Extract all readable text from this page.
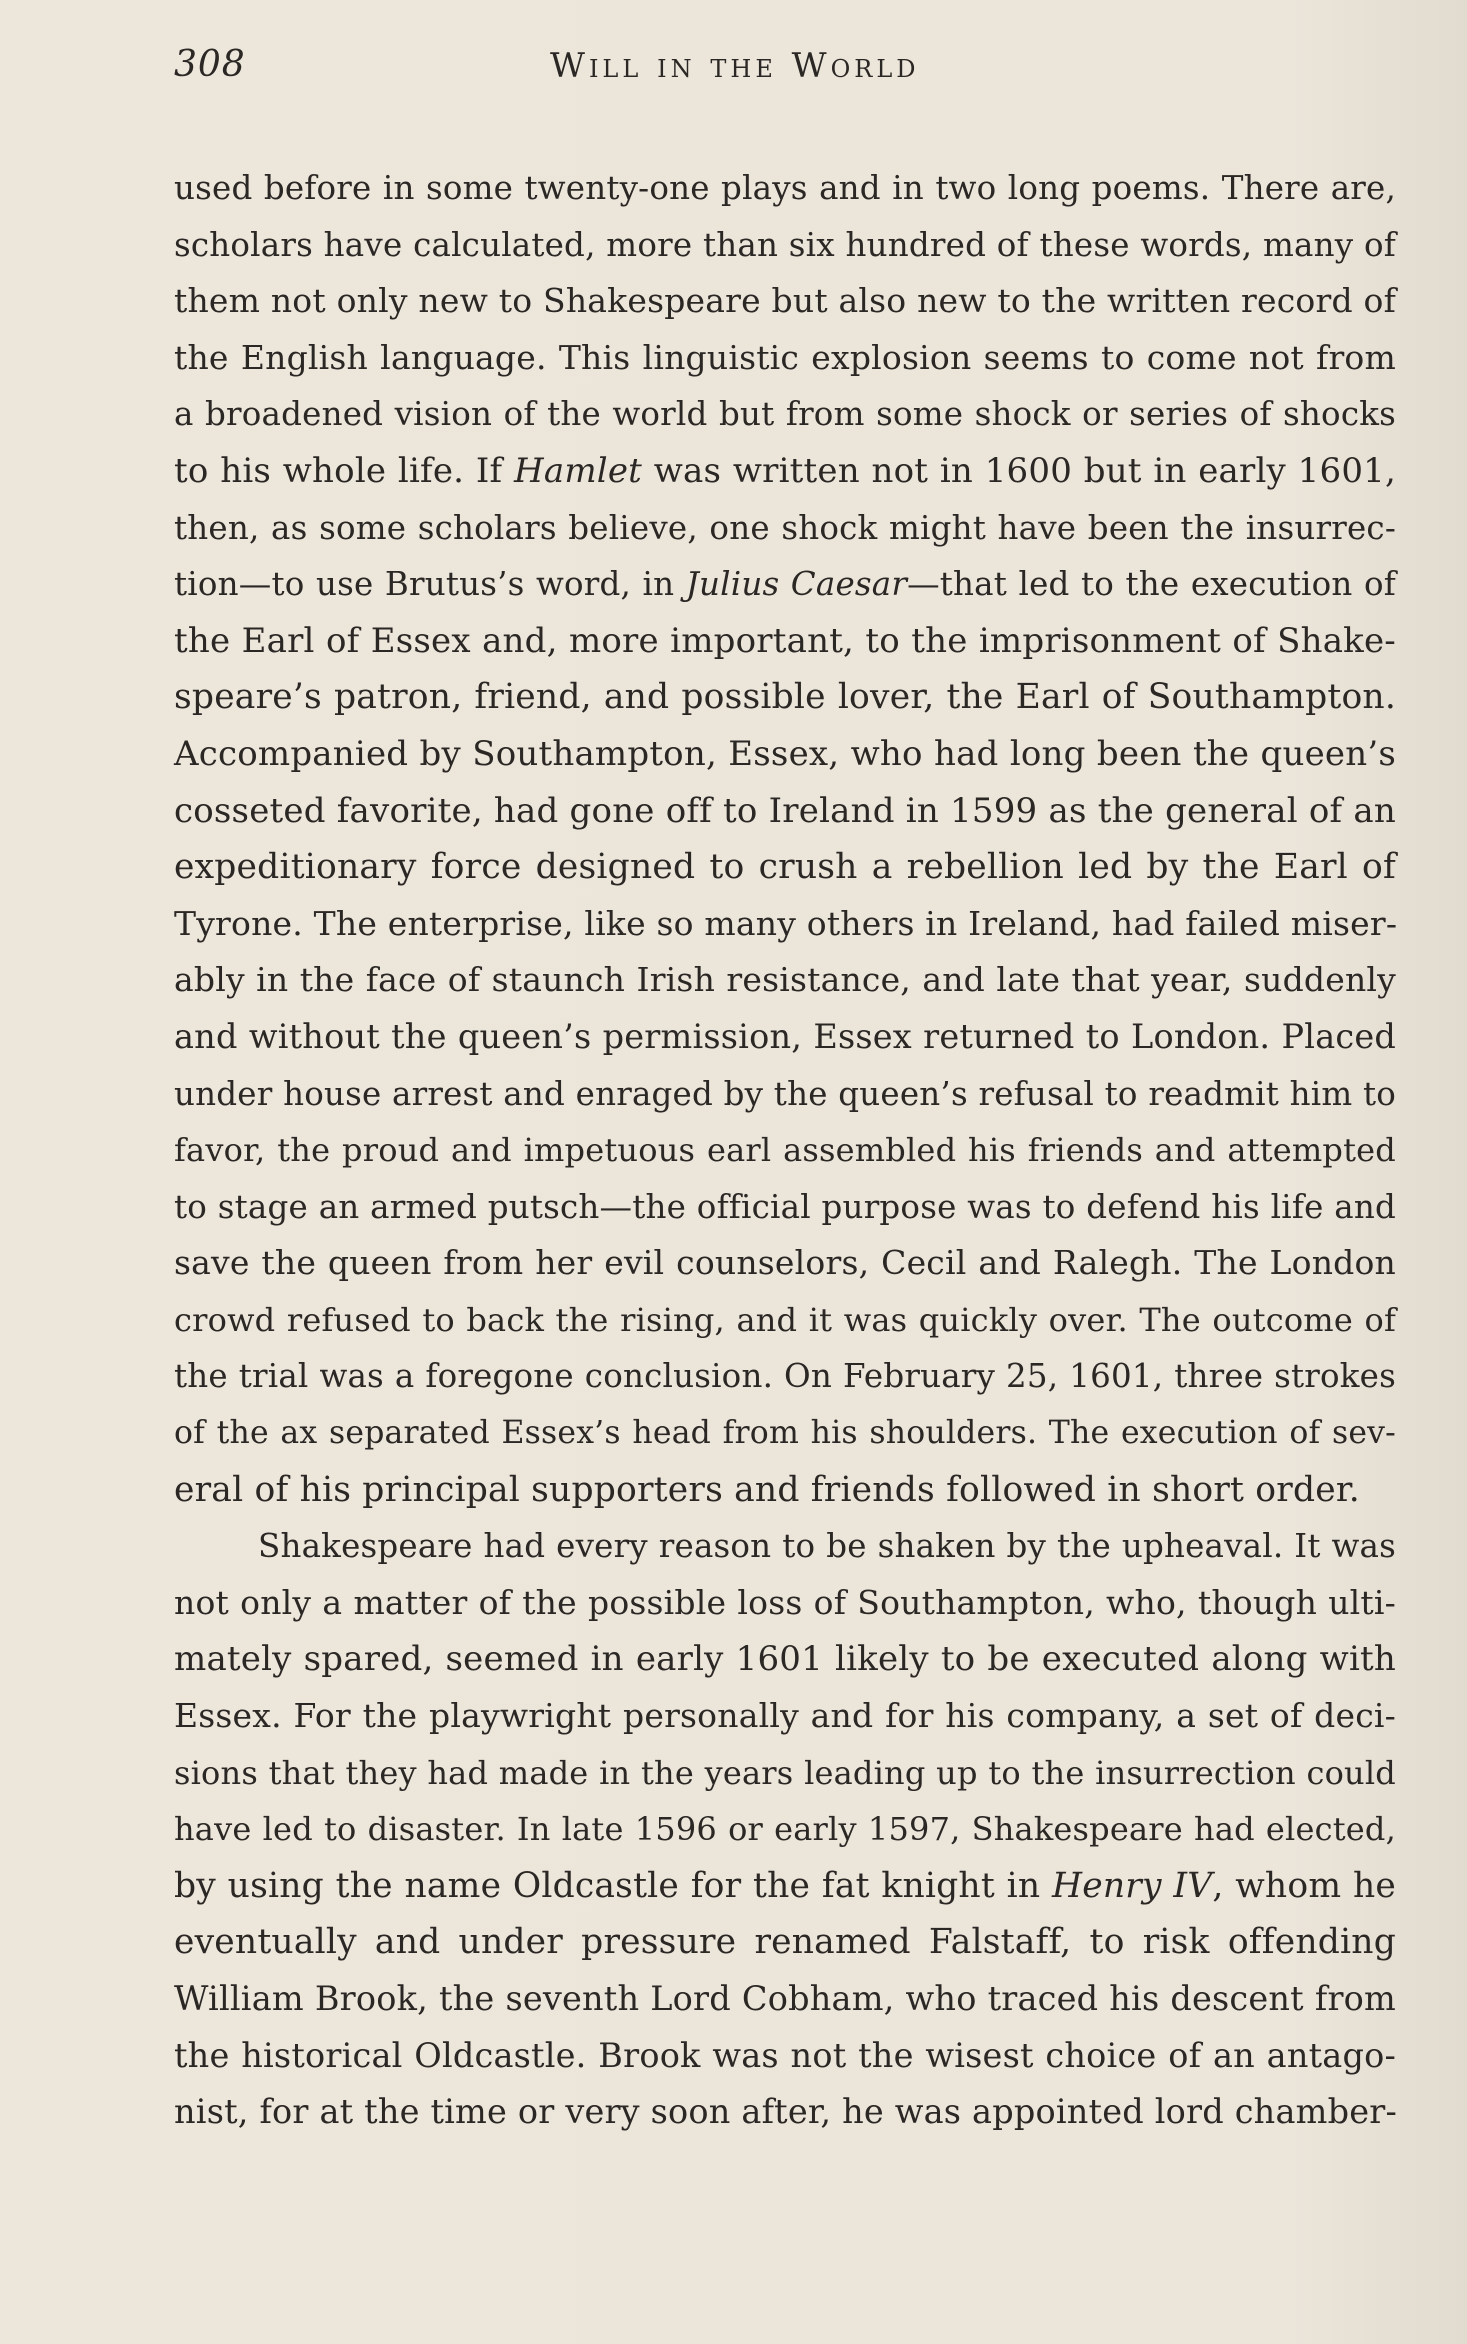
308	Will in the World
used before in some twenty-one plays and in two long poems. There are,
scholars have calculated, more than six hundred of these words, many of
them not only new to Shakespeare but also new to the written record of
the English language. This linguistic explosion seems to come not from
a broadened vision of the world but from some shock or series of shocks
to his whole life. If Hamlet was written not in 1600 but in early 1601,
then, as some scholars believe, one shock might have been the insurrec-
tion—to use Brutus’s word, in Julius Caesar—that led to the execution of
the Earl of Essex and, more important, to the imprisonment of Shake-
speare’s patron, friend, and possible lover, the Earl of Southampton.
Accompanied by Southampton, Essex, who had long been the queen’s
cosseted favorite, had gone off to Ireland in 1599 as the general of an
expeditionary force designed to crush a rebellion led by the Earl of
Tyrone. The enterprise, like so many others in Ireland, had failed miser-
ably in the face of staunch Irish resistance, and late that year, suddenly
and without the queen’s permission, Essex returned to London. Placed
under house arrest and enraged by the queen’s refusal to readmit him to
favor, the proud and impetuous earl assembled his friends and attempted
to stage an armed putsch—the official purpose was to defend his life and
save the queen from her evil counselors, Cecil and Ralegh. The London
crowd refused to back the rising, and it was quickly over. The outcome of
the trial was a foregone conclusion. On February 25, 1601, three strokes
of the ax separated Essex’s head from his shoulders. The execution of sev-
eral of his principal supporters and friends followed in short order.
Shakespeare had every reason to be shaken by the upheaval. It was
not only a matter of the possible loss of Southampton, who, though ulti-
mately spared, seemed in early 1601 likely to be executed along with
Essex. For the playwright personally and for his company, a set of deci-
sions that they had made in the years leading up to the insurrection could
have led to disaster. In late 1596 or early 1597, Shakespeare had elected,
by using the name Oldcastle for the fat knight in Henry IV, whom he
eventually and under pressure renamed Falstaff, to risk offending
William Brook, the seventh Lord Cobham, who traced his descent from
the historical Oldcastle. Brook was not the wisest choice of an antago-
nist, for at the time or very soon after, he was appointed lord chamber-
